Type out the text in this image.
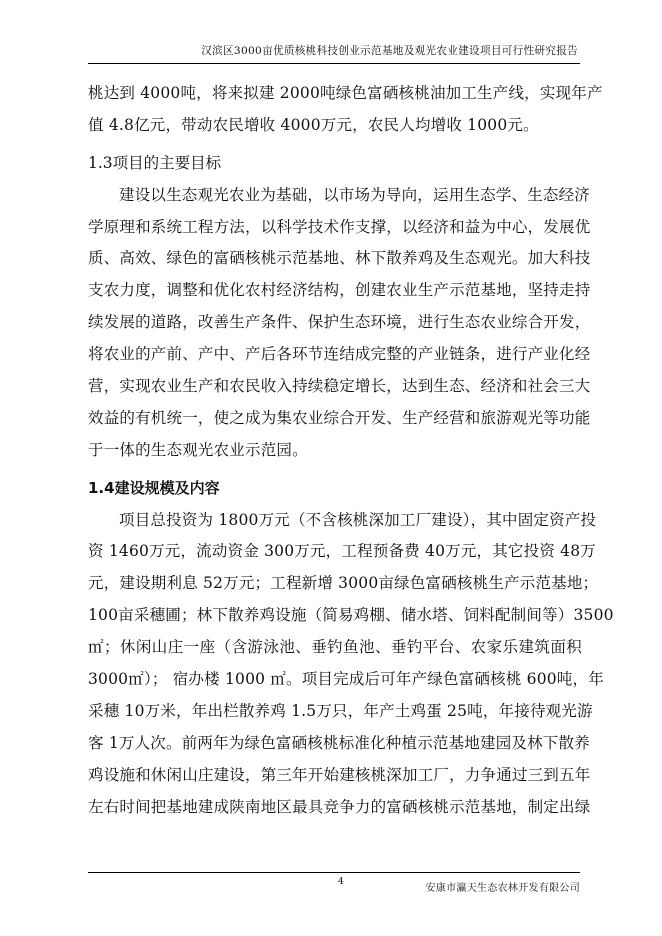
汉滨区3000亩优质核桃科技创业示范基地及观光农业建设项目可行性研究报告
桃达到 4000吨，将来拟建 2000吨绿色富硒核桃油加工生产线，实现年产
值 4.8亿元，带动农民增收 4000万元，农民人均增收 1000元。
1.3项目的主要目标
建设以生态观光农业为基础，以市场为导向，运用生态学、生态经济
学原理和系统工程方法，以科学技术作支撑，以经济和益为中心，发展优
质、高效、绿色的富硒核桃示范基地、林下散养鸡及生态观光。加大科技
支农力度，调整和优化农村经济结构，创建农业生产示范基地，坚持走持
续发展的道路，改善生产条件、保护生态环境，进行生态农业综合开发，
将农业的产前、产中、产后各环节连结成完整的产业链条，进行产业化经
营，实现农业生产和农民收入持续稳定增长，达到生态、经济和社会三大
效益的有机统一，使之成为集农业综合开发、生产经营和旅游观光等功能
于一体的生态观光农业示范园。
1.4建设规模及内容
项目总投资为 1800万元（不含核桃深加工厂建设），其中固定资产投
资 1460万元，流动资金 300万元，工程预备费 40万元，其它投资 48万
元，建设期利息 52万元；工程新增 3000亩绿色富硒核桃生产示范基地；
100亩采穗圃；林下散养鸡设施（简易鸡棚、储水塔、饲料配制间等）3500
㎡；休闲山庄一座（含游泳池、垂钓鱼池、垂钓平台、农家乐建筑面积
3000㎡）； 宿办楼 1000 ㎡。项目完成后可年产绿色富硒核桃 600吨，年
采穗 10万米，年出栏散养鸡 1.5万只，年产土鸡蛋 25吨，年接待观光游
客 1万人次。前两年为绿色富硒核桃标准化种植示范基地建园及林下散养
鸡设施和休闲山庄建设，第三年开始建核桃深加工厂，力争通过三到五年
左右时间把基地建成陕南地区最具竞争力的富硒核桃示范基地，制定出绿
4
安康市瀛天生态农林开发有限公司
